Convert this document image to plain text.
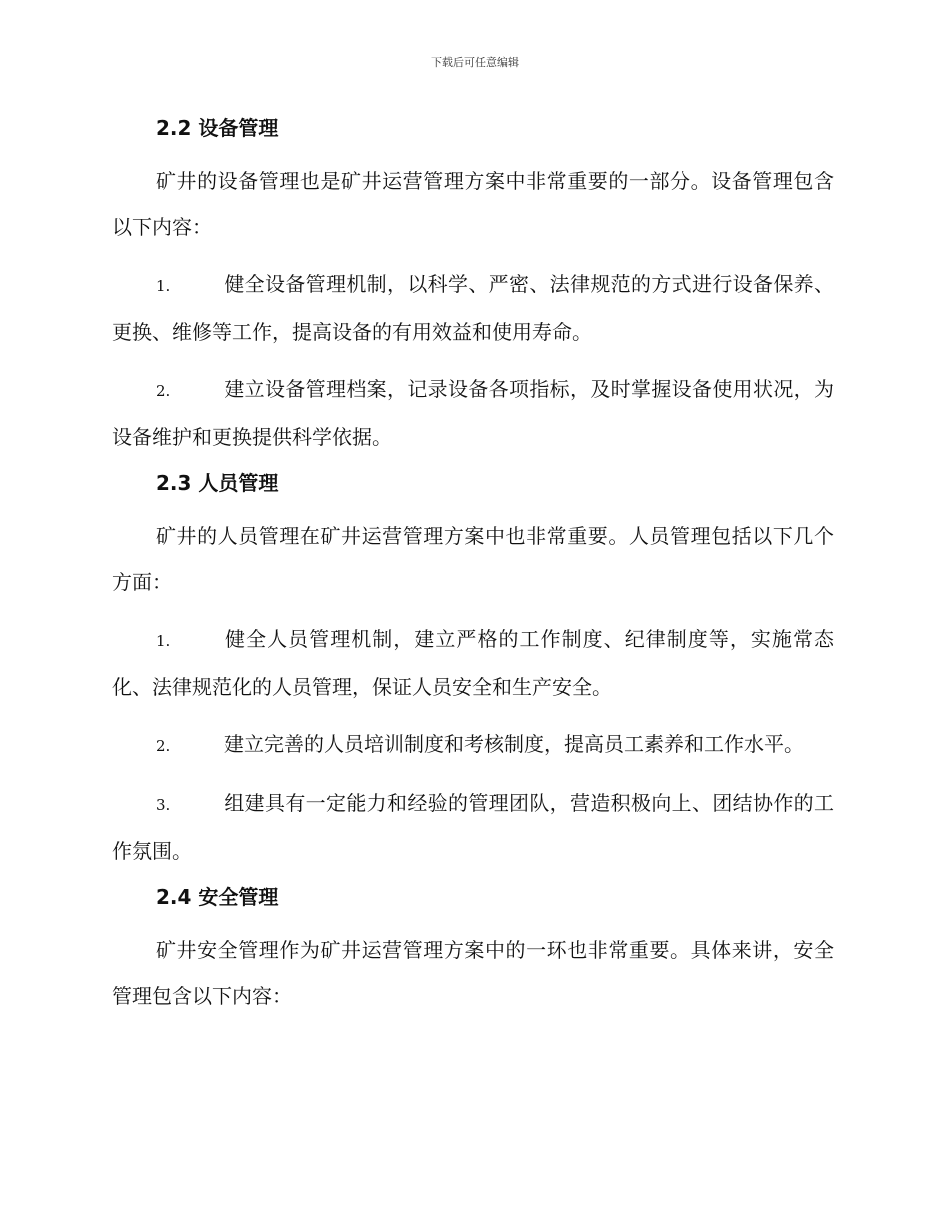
下载后可任意编辑
2.2 设备管理

矿井的设备管理也是矿井运营管理方案中非常重要的一部分。设备管理包含以下内容：

1.	健全设备管理机制，以科学、严密、法律规范的方式进行设备保养、更换、维修等工作，提高设备的有用效益和使用寿命。

2.	建立设备管理档案，记录设备各项指标，及时掌握设备使用状况，为设备维护和更换提供科学依据。

2.3 人员管理

矿井的人员管理在矿井运营管理方案中也非常重要。人员管理包括以下几个方面：

1.	健全人员管理机制，建立严格的工作制度、纪律制度等，实施常态化、法律规范化的人员管理，保证人员安全和生产安全。

2.	建立完善的人员培训制度和考核制度，提高员工素养和工作水平。

3.	组建具有一定能力和经验的管理团队，营造积极向上、团结协作的工作氛围。

2.4 安全管理

矿井安全管理作为矿井运营管理方案中的一环也非常重要。具体来讲，安全管理包含以下内容：
